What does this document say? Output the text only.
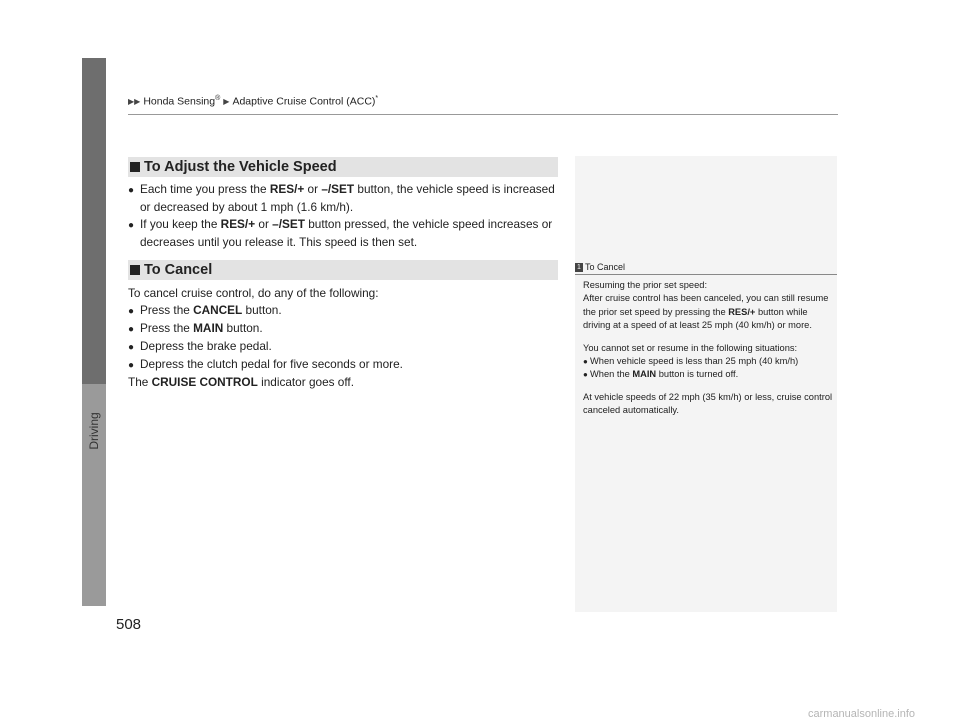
Driving
▶▶ Honda Sensing® ▶ Adaptive Cruise Control (ACC)*
To Adjust the Vehicle Speed
● Each time you press the RES/+ or –/SET button, the vehicle speed is increased or decreased by about 1 mph (1.6 km/h).
● If you keep the RES/+ or –/SET button pressed, the vehicle speed increases or decreases until you release it. This speed is then set.
To Cancel
To cancel cruise control, do any of the following:
● Press the CANCEL button.
● Press the MAIN button.
● Depress the brake pedal.
● Depress the clutch pedal for five seconds or more.
The CRUISE CONTROL indicator goes off.
1 To Cancel

Resuming the prior set speed:
After cruise control has been canceled, you can still resume the prior set speed by pressing the RES/+ button while driving at a speed of at least 25 mph (40 km/h) or more.

You cannot set or resume in the following situations:

● When vehicle speed is less than 25 mph (40 km/h)

● When the MAIN button is turned off.

At vehicle speeds of 22 mph (35 km/h) or less, cruise control canceled automatically.

508
carmanualsonline.info
